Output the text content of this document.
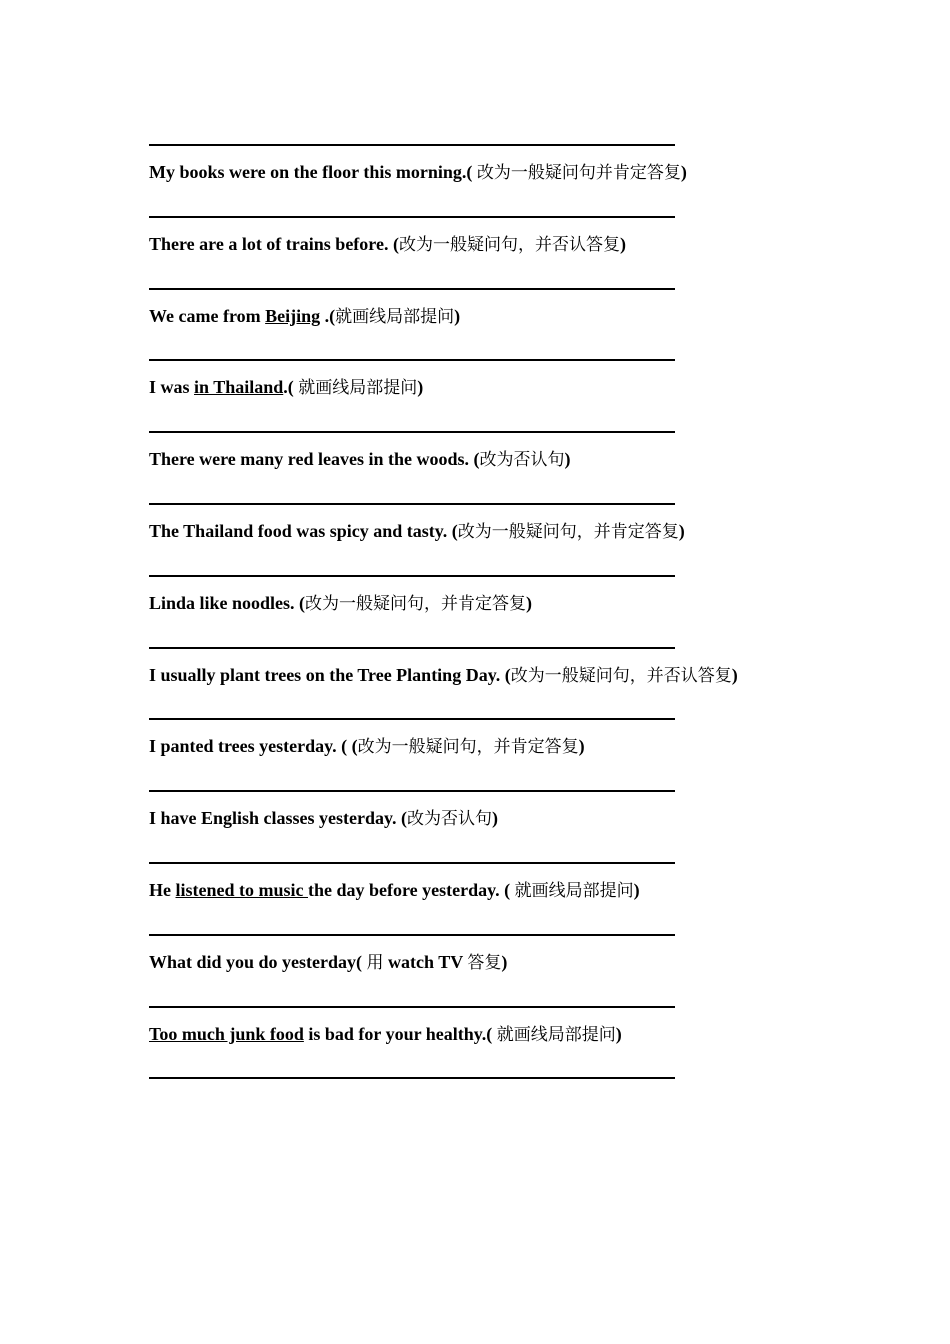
My books were on the floor this morning.( 改为一般疑问句并肯定答复)
There are a lot of trains before. (改为一般疑问句，并否认答复)
We came from Beijing .(就画线局部提问)
I was in Thailand.( 就画线局部提问)
There were many red leaves in the woods. (改为否认句)
The Thailand food was spicy and tasty. (改为一般疑问句，并肯定答复)
Linda like noodles. (改为一般疑问句，并肯定答复)
I usually plant trees on the Tree Planting Day. (改为一般疑问句，并否认答复)
I panted trees yesterday. ( (改为一般疑问句，并肯定答复)
I have English classes yesterday. (改为否认句)
He listened to music the day before yesterday. ( 就画线局部提问)
What did you do yesterday( 用 watch TV 答复)
Too much junk food is bad for your healthy.( 就画线局部提问)
